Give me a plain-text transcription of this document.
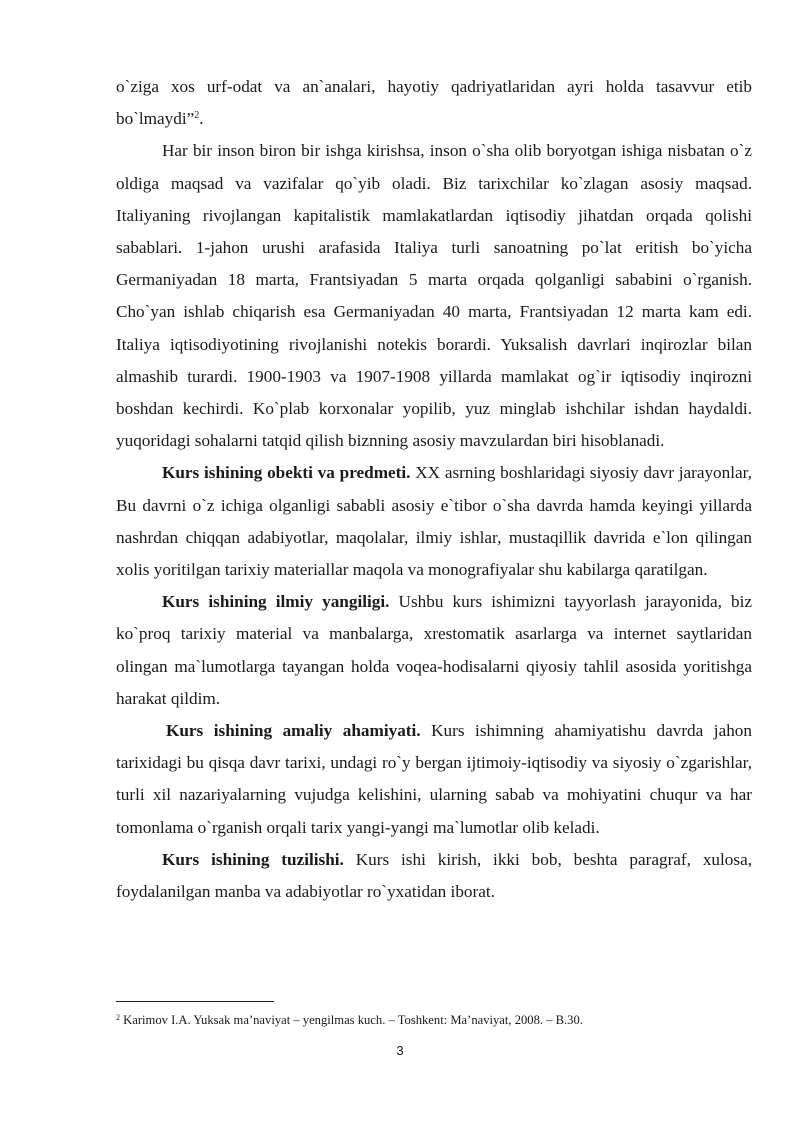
o`ziga xos urf-odat va an`analari, hayotiy qadriyatlaridan ayri holda tasavvur etib bo`lmaydi”$^2$.

Har bir inson biron bir ishga kirishsa, inson o`sha olib boryotgan ishiga nisbatan o`z oldiga maqsad va vazifalar qo`yib oladi. Biz tarixchilar ko`zlagan asosiy maqsad. Italiyaning rivojlangan kapitalistik mamlakatlardan iqtisodiy jihatdan orqada qolishi sabablari. 1-jahon urushi arafasida Italiya turli sanoatning po`lat eritish bo`yicha Germaniyadan 18 marta, Frantsiyadan 5 marta orqada qolganligi sababini o`rganish. Cho`yan ishlab chiqarish esa Germaniyadan 40 marta, Frantsiyadan 12 marta kam edi. Italiya iqtisodiyotining rivojlanishi notekis borardi. Yuksalish davrlari inqirozlar bilan almashib turardi. 1900-1903 va 1907-1908 yillarda mamlakat og`ir iqtisodiy inqirozni boshdan kechirdi. Ko`plab korxonalar yopilib, yuz minglab ishchilar ishdan haydaldi. yuqoridagi sohalarni tatqid qilish biznning asosiy mavzulardan biri hisoblanadi.

Kurs ishining obekti va predmeti. XX asrning boshlaridagi siyosiy davr jarayonlar, Bu davrni o`z ichiga olganligi sababli asosiy e`tibor o`sha davrda hamda keyingi yillarda nashrdan chiqqan adabiyotlar, maqolalar, ilmiy ishlar, mustaqillik davrida e`lon qilingan xolis yoritilgan tarixiy materiallar maqola va monografiyalar shu kabilarga qaratilgan.

Kurs ishining ilmiy yangiligi. Ushbu kurs ishimizni tayyorlash jarayonida, biz ko`proq tarixiy material va manbalarga, xrestomatik asarlarga va internet saytlaridan olingan ma`lumotlarga tayangan holda voqea-hodisalarni qiyosiy tahlil asosida yoritishga harakat qildim.

Kurs ishining amaliy ahamiyati. Kurs ishimning ahamiyatishu davrda jahon tarixidagi bu qisqa davr tarixi, undagi ro`y bergan ijtimoiy-iqtisodiy va siyosiy o`zgarishlar, turli xil nazariyalarning vujudga kelishini, ularning sabab va mohiyatini chuqur va har tomonlama o`rganish orqali tarix yangi-yangi ma`lumotlar olib keladi.

Kurs ishining tuzilishi. Kurs ishi kirish, ikki bob, beshta paragraf, xulosa, foydalanilgan manba va adabiyotlar ro`yxatidan iborat.

$^2$ Karimov I.A. Yuksak ma’naviyat – yengilmas kuch. – Toshkent: Ma’naviyat, 2008. – B.30.
3
